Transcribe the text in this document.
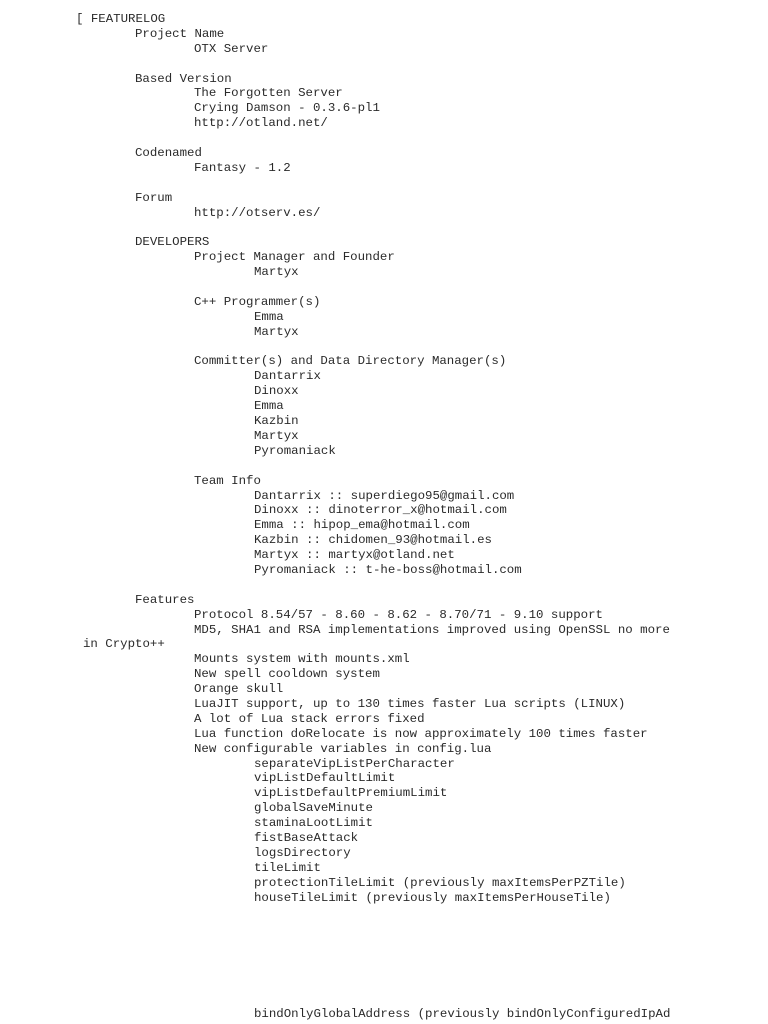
[ FEATURELOG
Project Name
OTX Server
Based Version
The Forgotten Server
Crying Damson - 0.3.6-pl1
http://otland.net/
Codenamed
Fantasy - 1.2
Forum
http://otserv.es/
DEVELOPERS
Project Manager and Founder
Martyx
C++ Programmer(s)
Emma
Martyx
Committer(s) and Data Directory Manager(s)
Dantarrix
Dinoxx
Emma
Kazbin
Martyx
Pyromaniack
Team Info
Dantarrix :: superdiego95@gmail.com
Dinoxx :: dinoterror_x@hotmail.com
Emma :: hipop_ema@hotmail.com
Kazbin :: chidomen_93@hotmail.es
Martyx :: martyx@otland.net
Pyromaniack :: t-he-boss@hotmail.com
Features
Protocol 8.54/57 - 8.60 - 8.62 - 8.70/71 - 9.10 support
MD5, SHA1 and RSA implementations improved using OpenSSL no more
in Crypto++
Mounts system with mounts.xml
New spell cooldown system
Orange skull
LuaJIT support, up to 130 times faster Lua scripts (LINUX)
A lot of Lua stack errors fixed
Lua function doRelocate is now approximately 100 times faster
New configurable variables in config.lua
separateVipListPerCharacter
vipListDefaultLimit
vipListDefaultPremiumLimit
globalSaveMinute
staminaLootLimit
fistBaseAttack
logsDirectory
tileLimit
protectionTileLimit (previously maxItemsPerPZTile)
houseTileLimit (previously maxItemsPerHouseTile)
bindOnlyGlobalAddress (previously bindOnlyConfiguredIpAd
